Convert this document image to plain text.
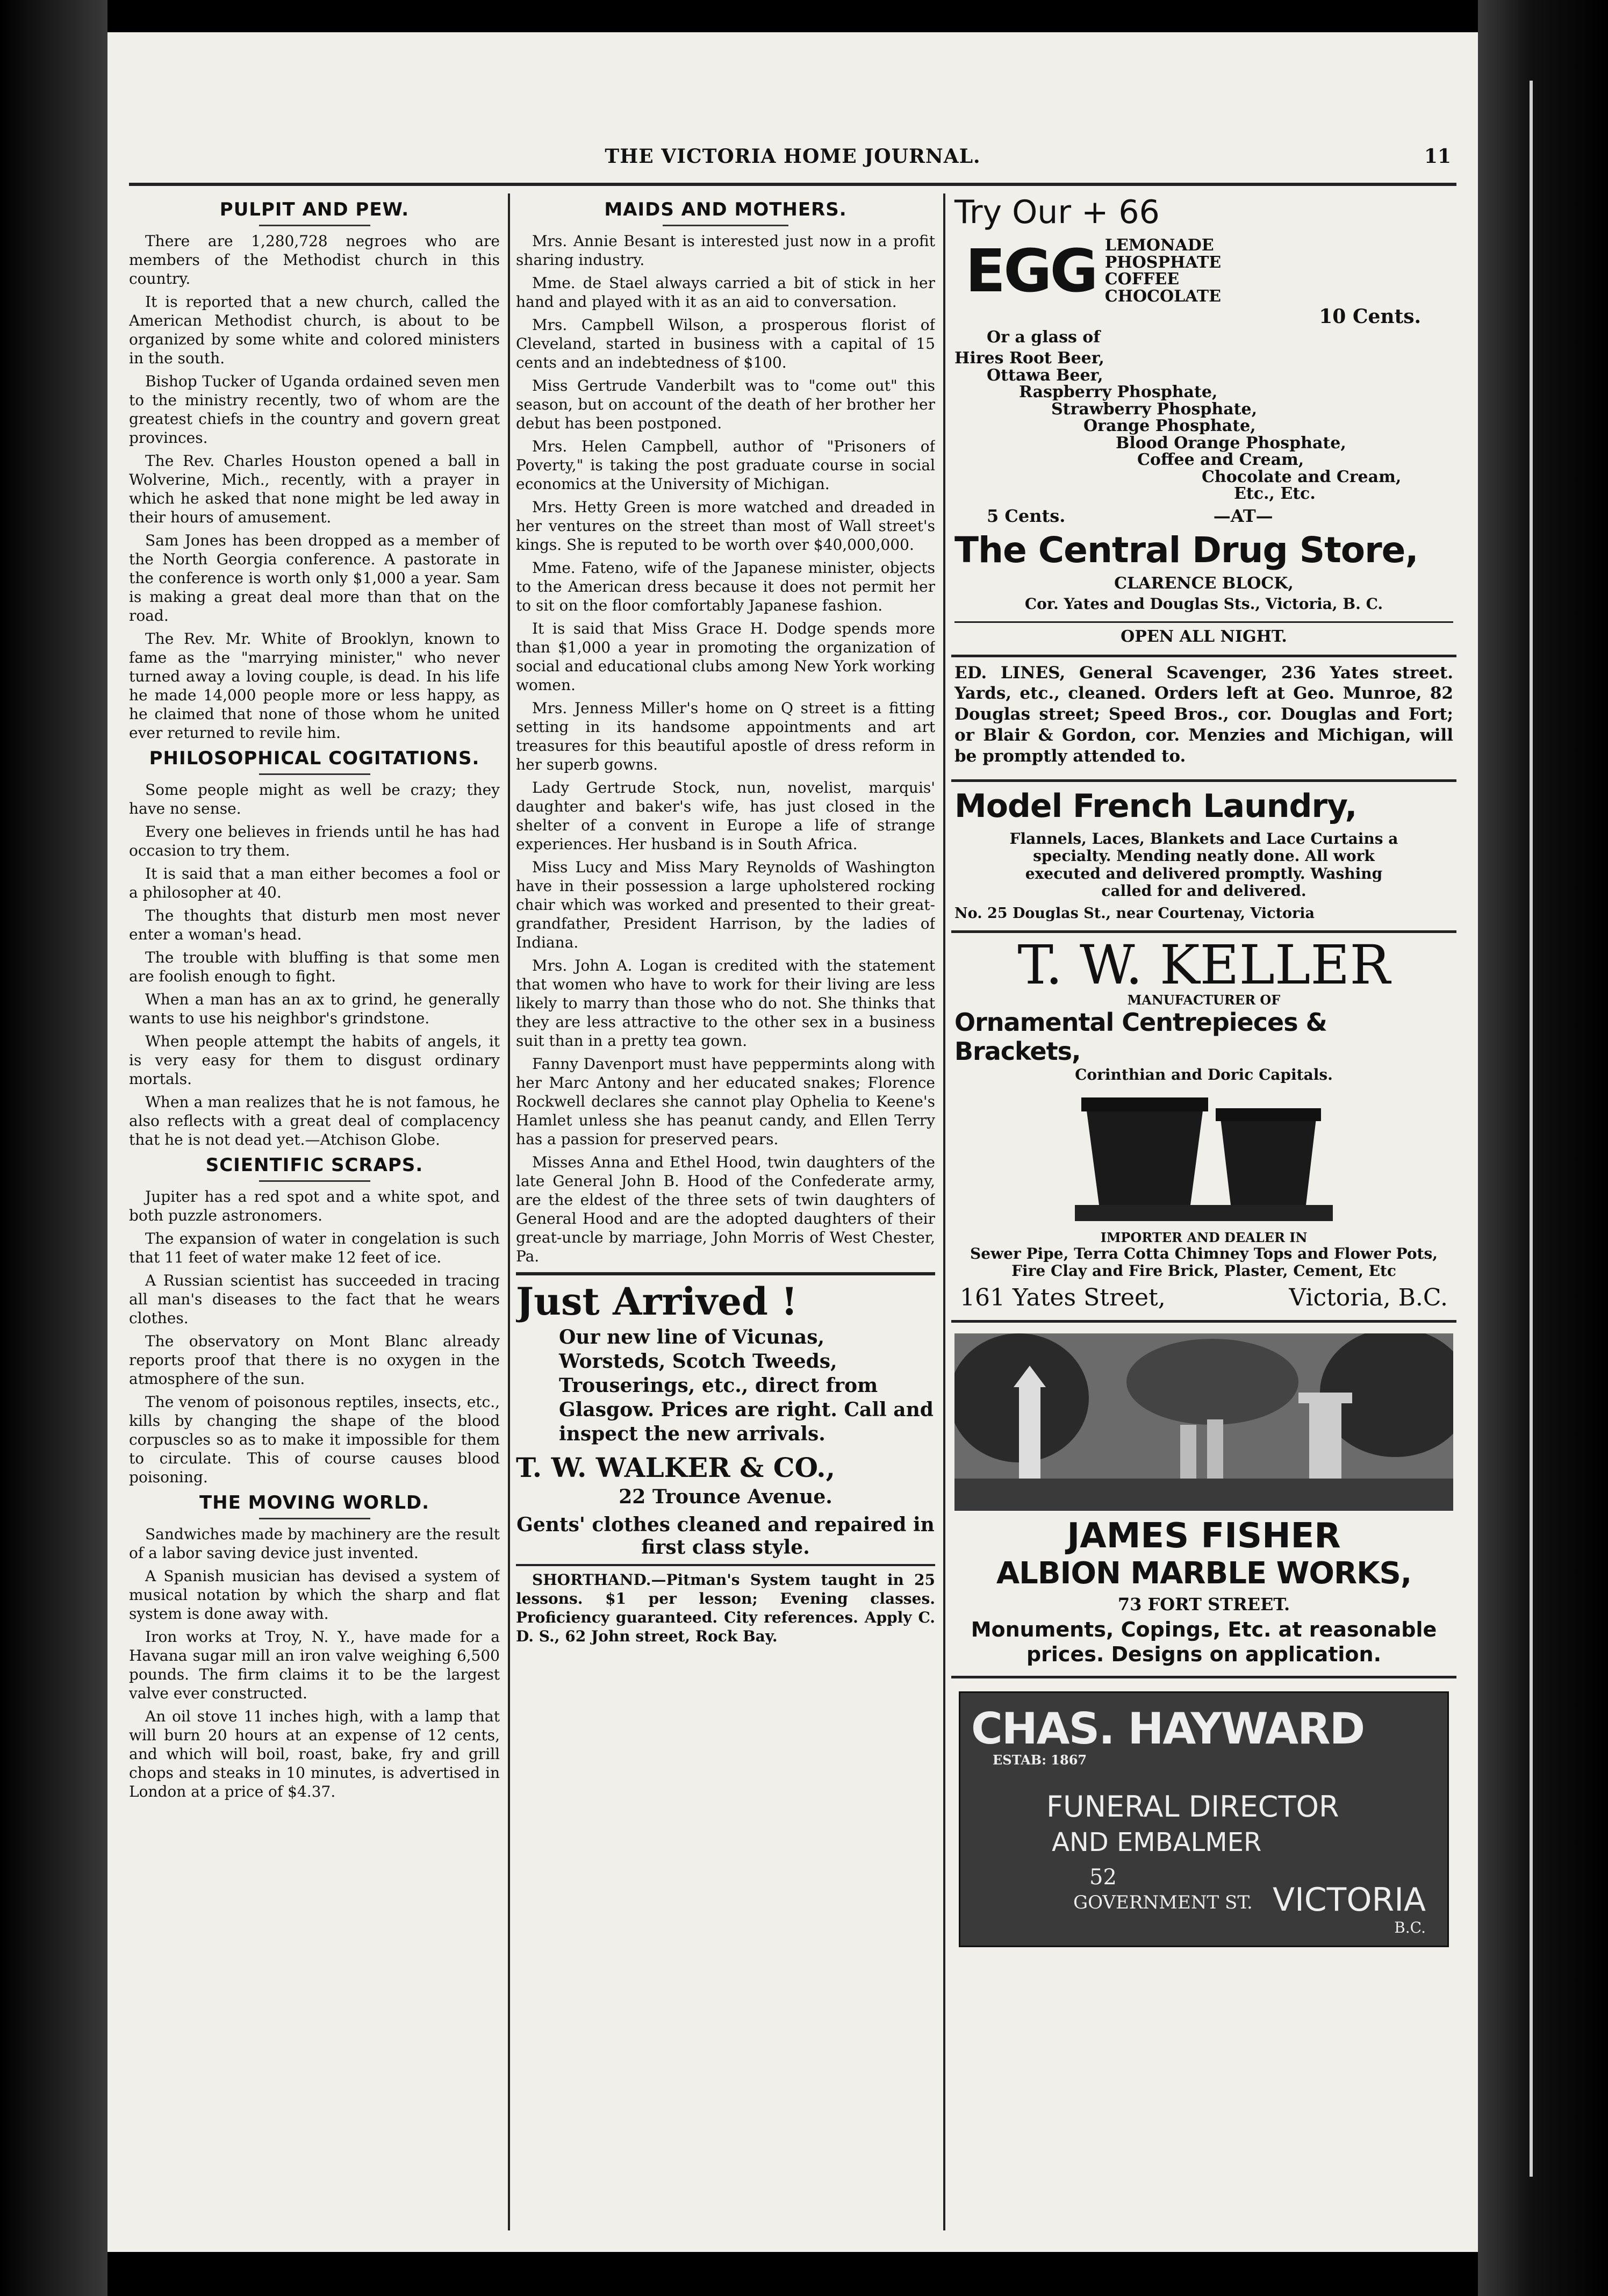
THE VICTORIA HOME JOURNAL.	11
PULPIT AND PEW.

There are 1,280,728 negroes who are members of the Methodist church in this country.

It is reported that a new church, called the American Methodist church, is about to be organized by some white and colored ministers in the south.

Bishop Tucker of Uganda ordained seven men to the ministry recently, two of whom are the greatest chiefs in the country and govern great provinces.

The Rev. Charles Houston opened a ball in Wolverine, Mich., recently, with a prayer in which he asked that none might be led away in their hours of amusement.

Sam Jones has been dropped as a member of the North Georgia conference. A pastorate in the conference is worth only $1,000 a year. Sam is making a great deal more than that on the road.

The Rev. Mr. White of Brooklyn, known to fame as the "marrying minister," who never turned away a loving couple, is dead. In his life he made 14,000 people more or less happy, as he claimed that none of those whom he united ever returned to revile him.

PHILOSOPHICAL COGITATIONS.

Some people might as well be crazy; they have no sense.

Every one believes in friends until he has had occasion to try them.

It is said that a man either becomes a fool or a philosopher at 40.

The thoughts that disturb men most never enter a woman's head.

The trouble with bluffing is that some men are foolish enough to fight.

When a man has an ax to grind, he generally wants to use his neighbor's grindstone.

When people attempt the habits of angels, it is very easy for them to disgust ordinary mortals.

When a man realizes that he is not famous, he also reflects with a great deal of complacency that he is not dead yet.—Atchison Globe.

SCIENTIFIC SCRAPS.

Jupiter has a red spot and a white spot, and both puzzle astronomers.

The expansion of water in congelation is such that 11 feet of water make 12 feet of ice.

A Russian scientist has succeeded in tracing all man's diseases to the fact that he wears clothes.

The observatory on Mont Blanc already reports proof that there is no oxygen in the atmosphere of the sun.

The venom of poisonous reptiles, insects, etc., kills by changing the shape of the blood corpuscles so as to make it impossible for them to circulate. This of course causes blood poisoning.

THE MOVING WORLD.

Sandwiches made by machinery are the result of a labor saving device just invented.

A Spanish musician has devised a system of musical notation by which the sharp and flat system is done away with.

Iron works at Troy, N. Y., have made for a Havana sugar mill an iron valve weighing 6,500 pounds. The firm claims it to be the largest valve ever constructed.

An oil stove 11 inches high, with a lamp that will burn 20 hours at an expense of 12 cents, and which will boil, roast, bake, fry and grill chops and steaks in 10 minutes, is advertised in London at a price of $4.37.

MAIDS AND MOTHERS.

Mrs. Annie Besant is interested just now in a profit sharing industry.

Mme. de Stael always carried a bit of stick in her hand and played with it as an aid to conversation.

Mrs. Campbell Wilson, a prosperous florist of Cleveland, started in business with a capital of 15 cents and an indebtedness of $100.

Miss Gertrude Vanderbilt was to "come out" this season, but on account of the death of her brother her debut has been postponed.

Mrs. Helen Campbell, author of "Prisoners of Poverty," is taking the post graduate course in social economics at the University of Michigan.

Mrs. Hetty Green is more watched and dreaded in her ventures on the street than most of Wall street's kings. She is reputed to be worth over $40,000,000.

Mme. Fateno, wife of the Japanese minister, objects to the American dress because it does not permit her to sit on the floor comfortably Japanese fashion.

It is said that Miss Grace H. Dodge spends more than $1,000 a year in promoting the organization of social and educational clubs among New York working women.

Mrs. Jenness Miller's home on Q street is a fitting setting in its handsome appointments and art treasures for this beautiful apostle of dress reform in her superb gowns.

Lady Gertrude Stock, nun, novelist, marquis' daughter and baker's wife, has just closed in the shelter of a convent in Europe a life of strange experiences. Her husband is in South Africa.

Miss Lucy and Miss Mary Reynolds of Washington have in their possession a large upholstered rocking chair which was worked and presented to their great-grandfather, President Harrison, by the ladies of Indiana.

Mrs. John A. Logan is credited with the statement that women who have to work for their living are less likely to marry than those who do not. She thinks that they are less attractive to the other sex in a business suit than in a pretty tea gown.

Fanny Davenport must have peppermints along with her Marc Antony and her educated snakes; Florence Rockwell declares she cannot play Ophelia to Keene's Hamlet unless she has peanut candy, and Ellen Terry has a passion for preserved pears.

Misses Anna and Ethel Hood, twin daughters of the late General John B. Hood of the Confederate army, are the eldest of the three sets of twin daughters of General Hood and are the adopted daughters of their great-uncle by marriage, John Morris of West Chester, Pa.

Just Arrived !
Our new line of Vicunas, Worsteds, Scotch Tweeds, Trouserings, etc., direct from Glasgow. Prices are right. Call and inspect the new arrivals.
T. W. WALKER & CO.,
22 Trounce Avenue.
Gents' clothes cleaned and repaired in first class style.

SHORTHAND.—Pitman's System taught in 25 lessons. $1 per lesson; Evening classes. Proficiency guaranteed. City references. Apply C. D. S., 62 John street, Rock Bay.

Try Our + 66
EGG LEMONADE
PHOSPHATE
COFFEE
CHOCOLATE
10 Cents.
Or a glass of
Hires Root Beer,
Ottawa Beer,
Raspberry Phosphate,
Strawberry Phosphate,
Orange Phosphate,
Blood Orange Phosphate,
Coffee and Cream,
Chocolate and Cream,
Etc., Etc.
5 Cents.	—AT—
The Central Drug Store,
CLARENCE BLOCK,
Cor. Yates and Douglas Sts., Victoria, B. C.
OPEN ALL NIGHT.

ED. LINES, General Scavenger, 236 Yates street. Yards, etc., cleaned. Orders left at Geo. Munroe, 82 Douglas street; Speed Bros., cor. Douglas and Fort; or Blair & Gordon, cor. Menzies and Michigan, will be promptly attended to.

Model French Laundry,
Flannels, Laces, Blankets and Lace Curtains a specialty. Mending neatly done. All work executed and delivered promptly. Washing called for and delivered.
No. 25 Douglas St., near Courtenay, Victoria
T. W. KELLER
MANUFACTURER OF
Ornamental Centrepieces & Brackets,
Corinthian and Doric Capitals.
IMPORTER AND DEALER IN
Sewer Pipe, Terra Cotta Chimney Tops and Flower Pots, Fire Clay and Fire Brick, Plaster, Cement, Etc
161 Yates Street,	Victoria, B.C.
JAMES FISHER
ALBION MARBLE WORKS,
73 FORT STREET.
Monuments, Copings, Etc. at reasonable prices. Designs on application.
CHAS. HAYWARD
ESTAB: 1867
FUNERAL DIRECTOR
AND EMBALMER
52
GOVERNMENT ST. VICTORIA
B.C.
